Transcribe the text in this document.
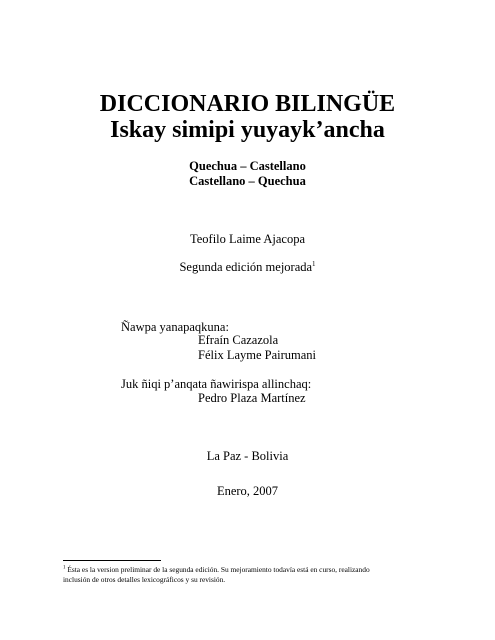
DICCIONARIO BILINGÜE
Iskay simipi yuyayk’ancha
Quechua – Castellano
Castellano – Quechua
Teofilo Laime Ajacopa
Segunda edición mejorada$^1$
Ñawpa yanapaqkuna:
Efraín Cazazola
Félix Layme Pairumani
Juk ñiqi p’anqata ñawirispa allinchaq:
Pedro Plaza Martínez
La Paz - Bolivia
Enero, 2007
$^1$ Ésta es la version preliminar de la segunda edición. Su mejoramiento todavía está en curso, realizando
inclusión de otros detalles lexicográficos y su revisión.
